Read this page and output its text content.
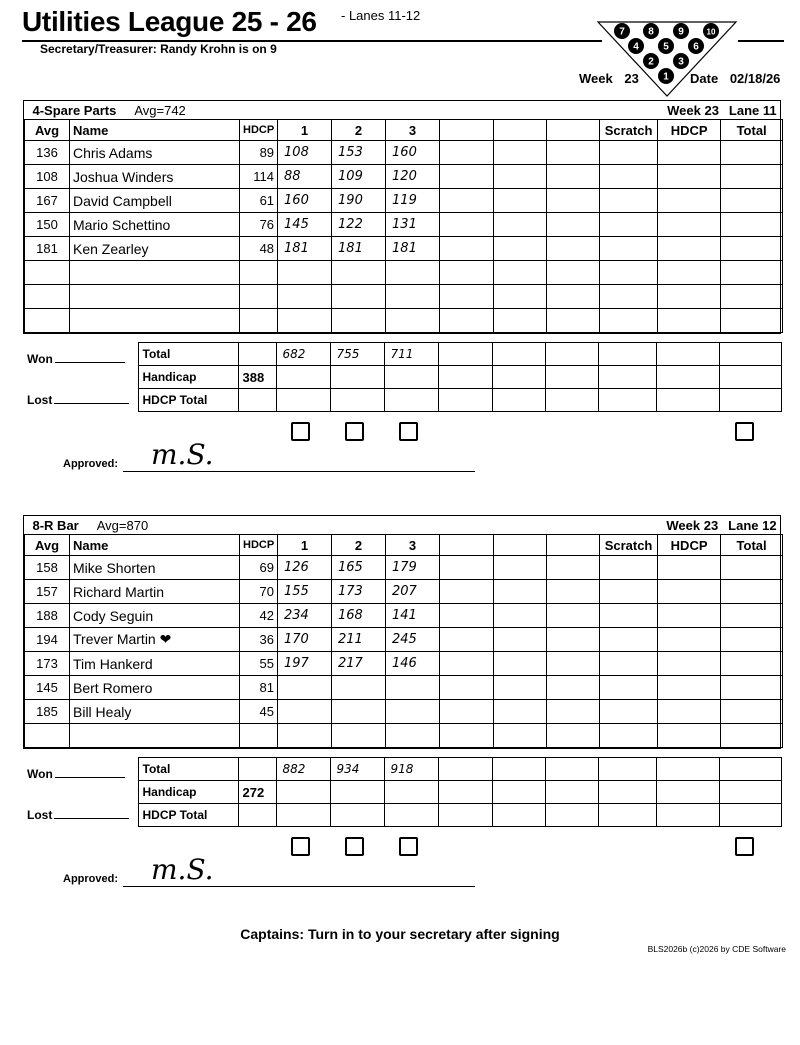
Utilities League 25 - 26 - Lanes 11-12
Secretary/Treasurer: Randy Krohn is on 9
7 8 9	10
4 5 6
2 3
1
Week 23	Date 02/18/26
4-Spare Parts Avg=742										Week 23 Lane 11	
Avg	Name	HDCP	1	2	3				Scratch	HDCP	Total
136	Chris Adams	89	108	153	160						
108	Joshua Winders	114	88	109	120						
167	David Campbell	61	160	190	119						
150	Mario Schettino	76	145	122	131						
181	Ken Zearley	48	181	181	181						

Won	Total		682	755	711						
	Handicap	388									
Lost	HDCP Total										
Approved: m.S.
8-R Bar Avg=870										Week 23 Lane 12	
Avg	Name	HDCP	1	2	3				Scratch	HDCP	Total
158	Mike Shorten	69	126	165	179						
157	Richard Martin	70	155	173	207						
188	Cody Seguin	42	234	168	141						
194	Trever Martin ❤	36	170	211	245						
173	Tim Hankerd	55	197	217	146						
145	Bert Romero	81									
185	Bill Healy	45									

Won	Total		882	934	918						
	Handicap	272									
Lost	HDCP Total										
Approved: m.S.
Captains: Turn in to your secretary after signing
BLS2026b (c)2026 by CDE Software
